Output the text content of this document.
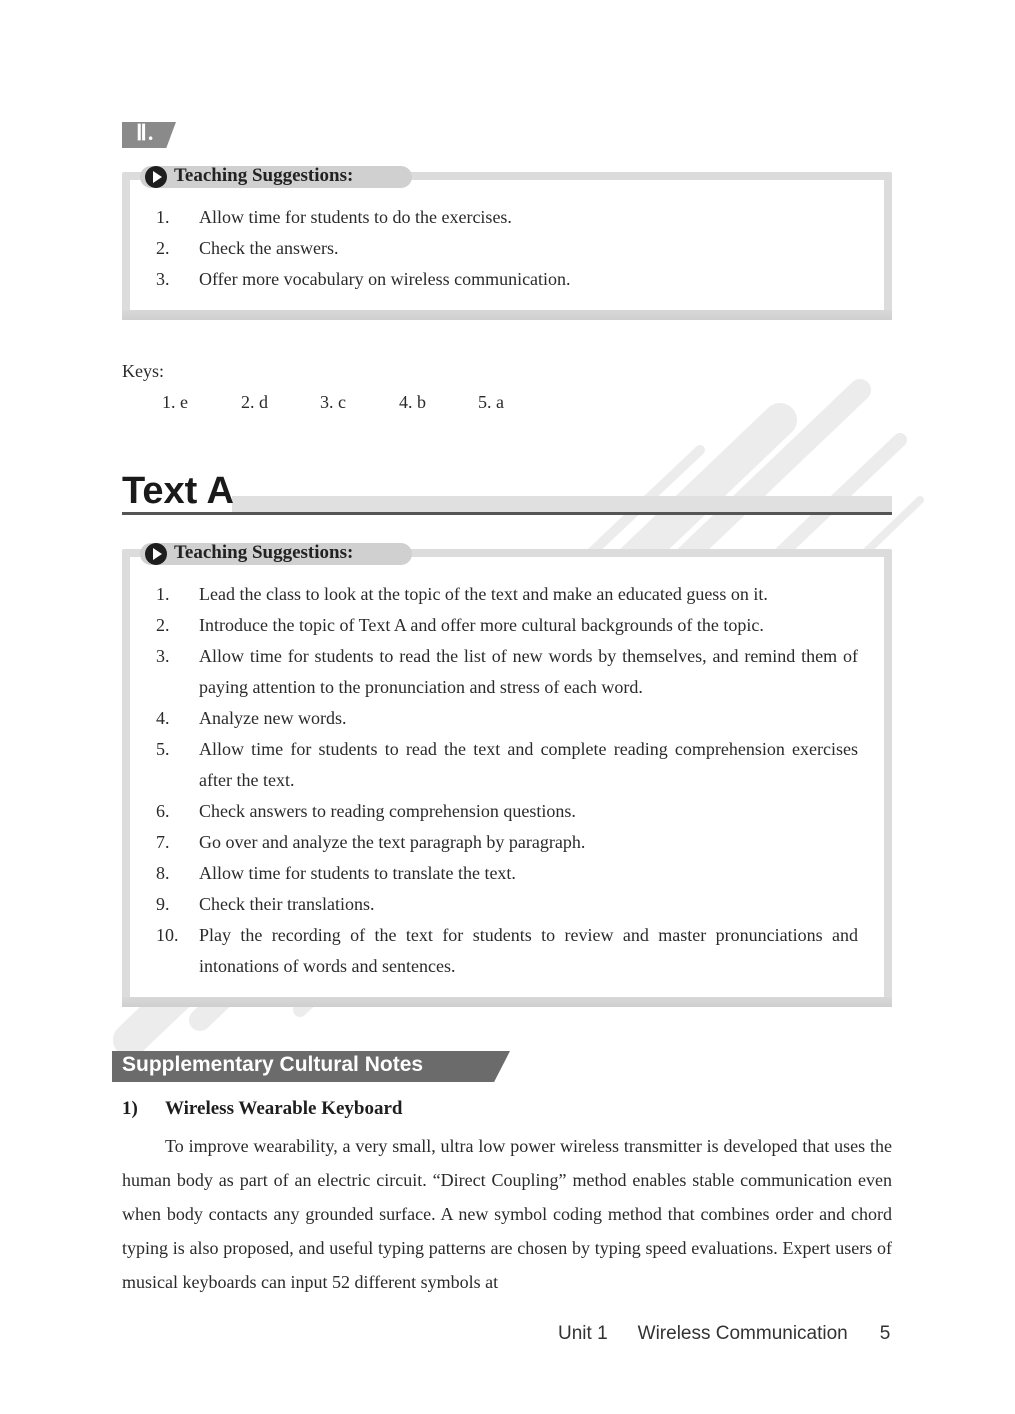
Ⅱ.
Teaching Suggestions:
1. Allow time for students to do the exercises.
2. Check the answers.
3. Offer more vocabulary on wireless communication.
Keys:
1. e	2. d	3. c	4. b	5. a
Text A
Teaching Suggestions:
1. Lead the class to look at the topic of the text and make an educated guess on it.
2. Introduce the topic of Text A and offer more cultural backgrounds of the topic.
3. Allow time for students to read the list of new words by themselves, and remind them of paying attention to the pronunciation and stress of each word.
4. Analyze new words.
5. Allow time for students to read the text and complete reading comprehension exercises after the text.
6. Check answers to reading comprehension questions.
7. Go over and analyze the text paragraph by paragraph.
8. Allow time for students to translate the text.
9. Check their translations.
10. Play the recording of the text for students to review and master pronunciations and intonations of words and sentences.
Supplementary Cultural Notes
1) Wireless Wearable Keyboard
To improve wearability, a very small, ultra low power wireless transmitter is developed that uses the human body as part of an electric circuit. “Direct Coupling” method enables stable communication even when body contacts any grounded surface. A new symbol coding method that combines order and chord typing is also proposed, and useful typing patterns are chosen by typing speed evaluations. Expert users of musical keyboards can input 52 different symbols at
Unit 1 Wireless Communication 5
